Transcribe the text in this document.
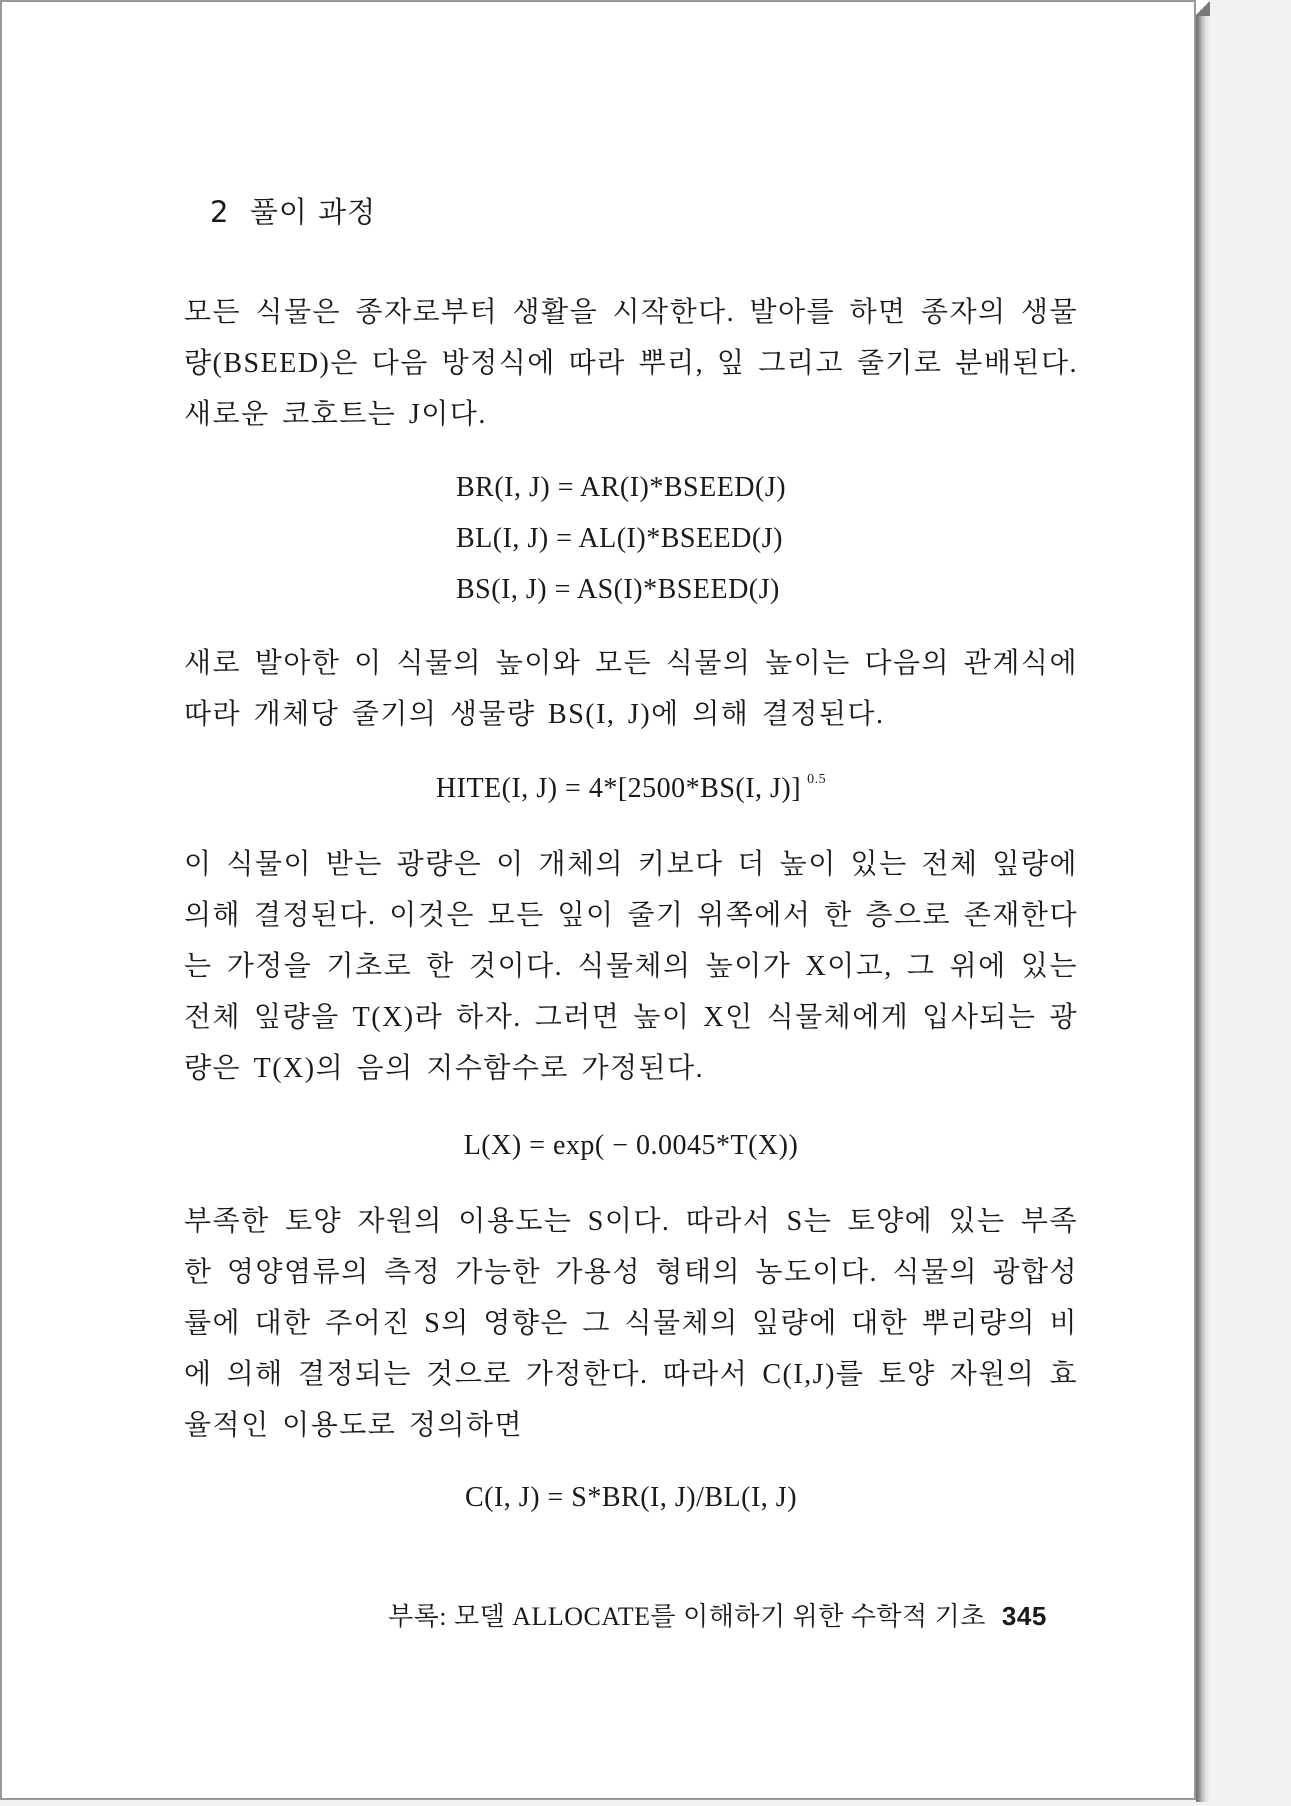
2 풀이 과정

모든 식물은 종자로부터 생활을 시작한다. 발아를 하면 종자의 생물량(BSEED)은 다음 방정식에 따라 뿌리, 잎 그리고 줄기로 분배된다. 새로운 코호트는 J이다.

BR(I, J) = AR(I)*BSEED(J)
BL(I, J) = AL(I)*BSEED(J)
BS(I, J) = AS(I)*BSEED(J)

새로 발아한 이 식물의 높이와 모든 식물의 높이는 다음의 관계식에 따라 개체당 줄기의 생물량 BS(I, J)에 의해 결정된다.

HITE(I, J) = 4*[2500*BS(I, J)] $^{0.5}$

이 식물이 받는 광량은 이 개체의 키보다 더 높이 있는 전체 잎량에 의해 결정된다. 이것은 모든 잎이 줄기 위쪽에서 한 층으로 존재한다는 가정을 기초로 한 것이다. 식물체의 높이가 X이고, 그 위에 있는 전체 잎량을 T(X)라 하자. 그러면 높이 X인 식물체에게 입사되는 광량은 T(X)의 음의 지수함수로 가정된다.

L(X) = exp( − 0.0045*T(X))

부족한 토양 자원의 이용도는 S이다. 따라서 S는 토양에 있는 부족한 영양염류의 측정 가능한 가용성 형태의 농도이다. 식물의 광합성률에 대한 주어진 S의 영향은 그 식물체의 잎량에 대한 뿌리량의 비에 의해 결정되는 것으로 가정한다. 따라서 C(I,J)를 토양 자원의 효율적인 이용도로 정의하면

C(I, J) = S*BR(I, J)/BL(I, J)

부록: 모델 ALLOCATE를 이해하기 위한 수학적 기초 345
